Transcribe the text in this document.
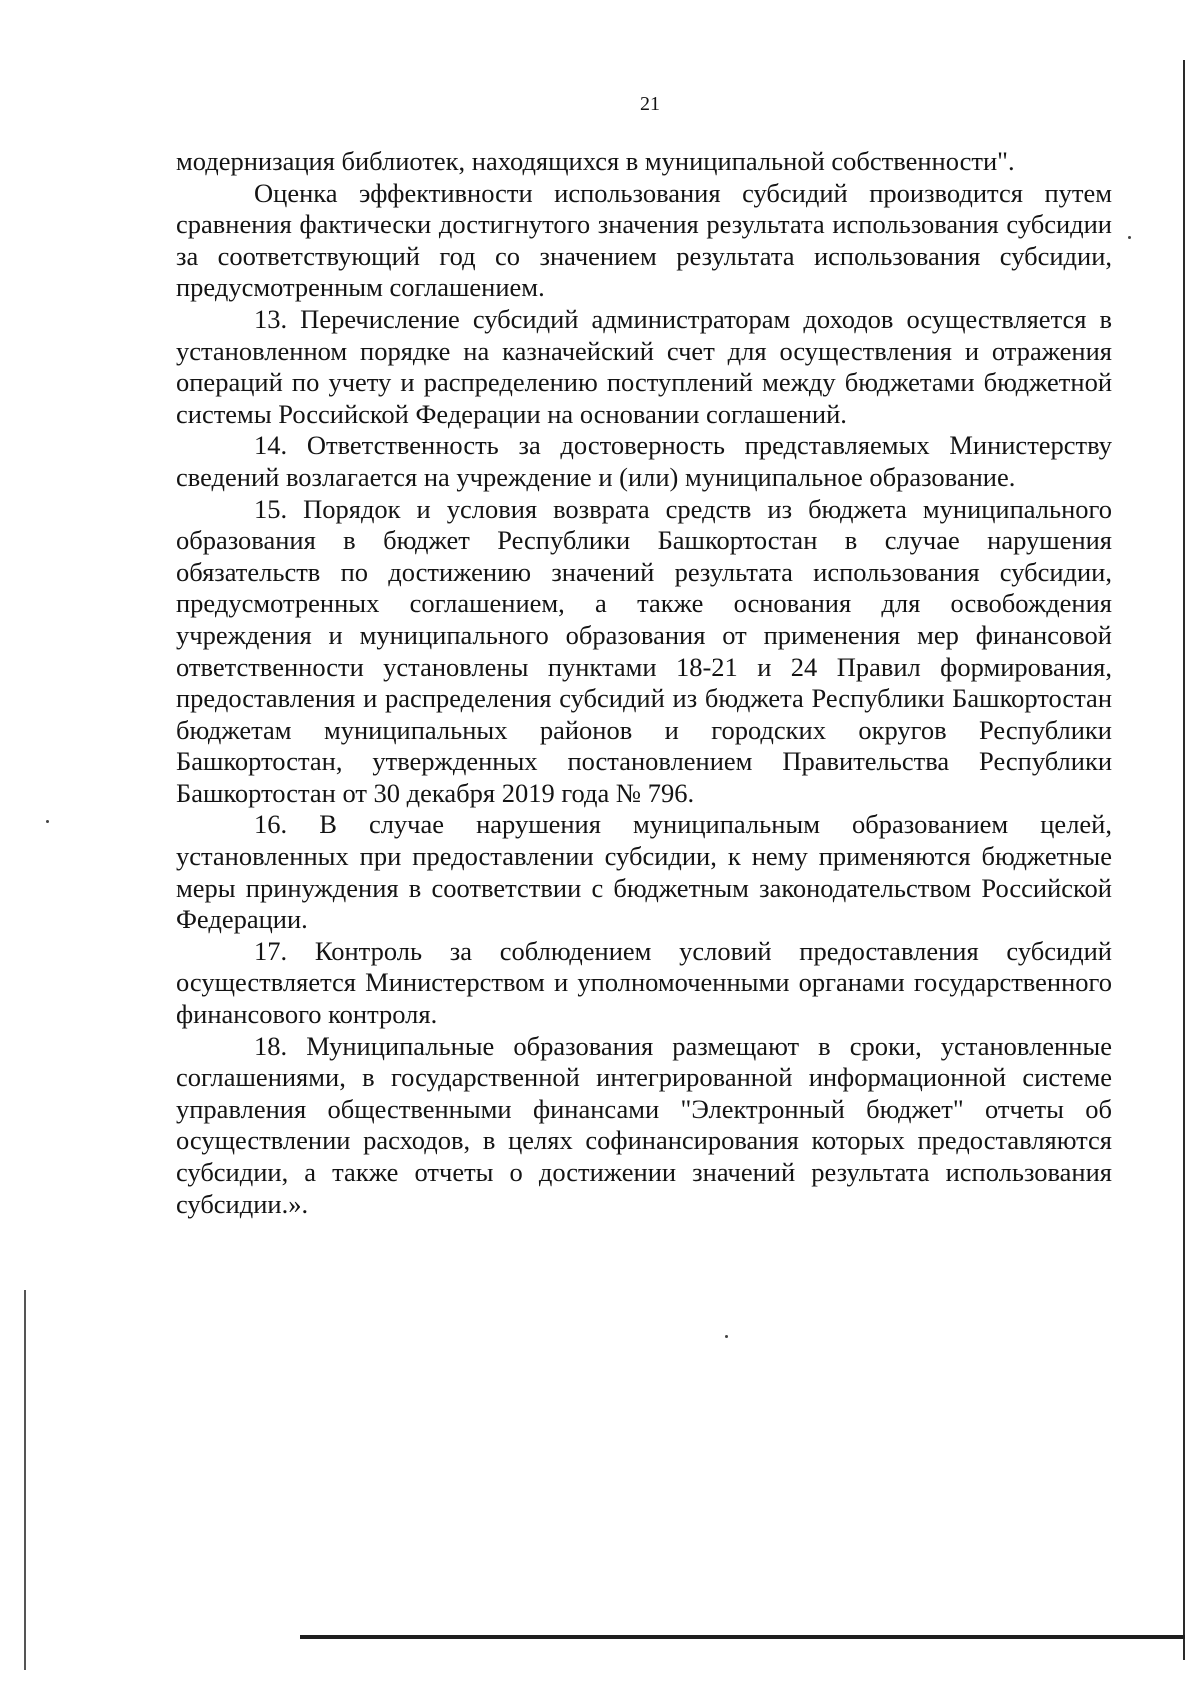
21

модернизация библиотек, находящихся в муниципальной собственности".

Оценка эффективности использования субсидий производится путем сравнения фактически достигнутого значения результата использования субсидии за соответствующий год со значением результата использования субсидии, предусмотренным соглашением.

13. Перечисление субсидий администраторам доходов осуществляется в установленном порядке на казначейский счет для осуществления и отражения операций по учету и распределению поступлений между бюджетами бюджетной системы Российской Федерации на основании соглашений.

14. Ответственность за достоверность представляемых Министерству сведений возлагается на учреждение и (или) муниципальное образование.

15. Порядок и условия возврата средств из бюджета муниципального образования в бюджет Республики Башкортостан в случае нарушения обязательств по достижению значений результата использования субсидии, предусмотренных соглашением, а также основания для освобождения учреждения и муниципального образования от применения мер финансовой ответственности установлены пунктами 18-21 и 24 Правил формирования, предоставления и распределения субсидий из бюджета Республики Башкортостан бюджетам муниципальных районов и городских округов Республики Башкортостан, утвержденных постановлением Правительства Республики Башкортостан от 30 декабря 2019 года № 796.

16. В случае нарушения муниципальным образованием целей, установленных при предоставлении субсидии, к нему применяются бюджетные меры принуждения в соответствии с бюджетным законодательством Российской Федерации.

17. Контроль за соблюдением условий предоставления субсидий осуществляется Министерством и уполномоченными органами государственного финансового контроля.

18. Муниципальные образования размещают в сроки, установленные соглашениями, в государственной интегрированной информационной системе управления общественными финансами "Электронный бюджет" отчеты об осуществлении расходов, в целях софинансирования которых предоставляются субсидии, а также отчеты о достижении значений результата использования субсидии.».
